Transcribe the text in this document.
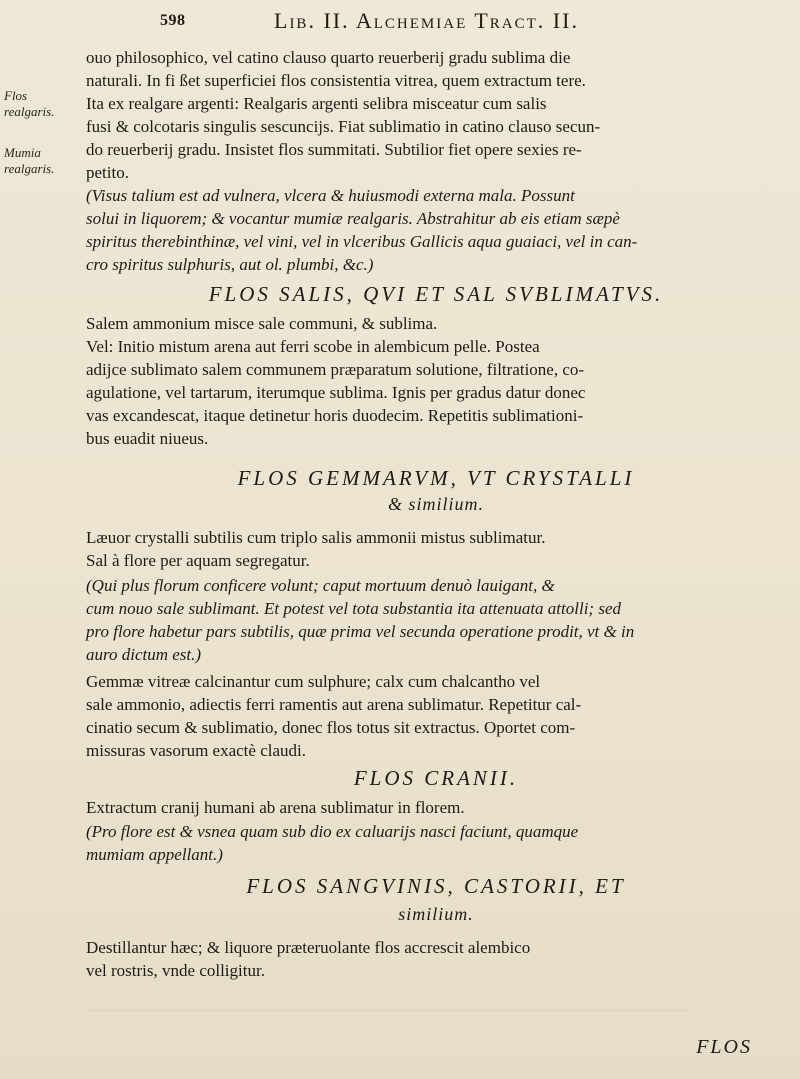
598	Lib. II. Alchemiae Tract. II.
Flos realgaris.
Mumia realgaris.
ouo philosophico, vel catino clauso quarto reuerberij gradu sublima die
naturali. In fi ßet superficiei flos consistentia vitrea, quem extractum tere.
Ita ex realgare argenti: Realgaris argenti selibra misceatur cum salis
fusi & colcotaris singulis sescuncijs. Fiat sublimatio in catino clauso secun-
do reuerberij gradu. Insistet flos summitati. Subtilior fiet opere sexies re-
petito.
(Visus talium est ad vulnera, vlcera & huiusmodi externa mala. Possunt
solui in liquorem; & vocantur mumiæ realgaris. Abstrahitur ab eis etiam sæpè
spiritus therebinthinæ, vel vini, vel in vlceribus Gallicis aqua guaiaci, vel in can-
cro spiritus sulphuris, aut ol. plumbi, &c.)
FLOS SALIS, QVI ET SAL SVBLIMATVS.
Salem ammonium misce sale communi, & sublima.
Vel: Initio mistum arena aut ferri scobe in alembicum pelle. Postea
adijce sublimato salem communem præparatum solutione, filtratione, co-
agulatione, vel tartarum, iterumque sublima. Ignis per gradus datur donec
vas excandescat, itaque detinetur horis duodecim. Repetitis sublimationi-
bus euadit niueus.
FLOS GEMMARVM, VT CRYSTALLI
& similium.
Læuor crystalli subtilis cum triplo salis ammonii mistus sublimatur.
Sal à flore per aquam segregatur.
(Qui plus florum conficere volunt; caput mortuum denuò lauigant, &
cum nouo sale sublimant. Et potest vel tota substantia ita attenuata attolli; sed
pro flore habetur pars subtilis, quæ prima vel secunda operatione prodit, vt & in
auro dictum est.)
Gemmæ vitreæ calcinantur cum sulphure; calx cum chalcantho vel
sale ammonio, adiectis ferri ramentis aut arena sublimatur. Repetitur cal-
cinatio secum & sublimatio, donec flos totus sit extractus. Oportet com-
missuras vasorum exactè claudi.
FLOS CRANII.
Extractum cranij humani ab arena sublimatur in florem.
(Pro flore est & vsnea quam sub dio ex caluarijs nasci faciunt, quamque
mumiam appellant.)
FLOS SANGVINIS, CASTORII, ET
similium.
Destillantur hæc; & liquore præteruolante flos accrescit alembico
vel rostris, vnde colligitur.
FLOS
